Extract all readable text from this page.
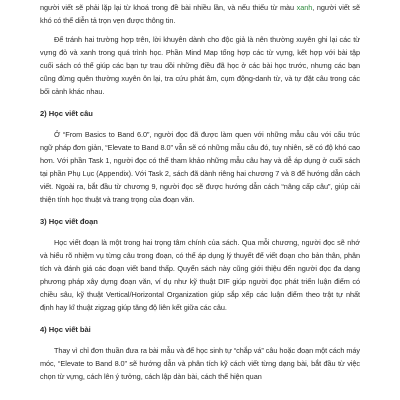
người viết sẽ phải lặp lại từ khoá trong đề bài nhiều lần, và nếu thiếu từ màu xanh, người viết sẽ khó có thể diễn tả trọn vẹn được thông tin.

Để tránh hai trường hợp trên, lời khuyên dành cho độc giả là nên thường xuyên ghi lại các từ vựng đỏ và xanh trong quá trình học. Phần Mind Map tổng hợp các từ vựng, kết hợp với bài tập cuối sách có thể giúp các bạn tự trau dồi những điều đã học ở các bài học trước, nhưng các bạn cũng đừng quên thường xuyên ôn lại, tra cứu phát âm, cụm động-danh từ, và tự đặt câu trong các bối cảnh khác nhau.

2) Học viết câu

Ở “From Basics to Band 6.0”, người đọc đã được làm quen với những mẫu câu với cấu trúc ngữ pháp đơn giản, “Elevate to Band 8.0” vẫn sẽ có những mẫu câu đó, tuy nhiên, sẽ có độ khó cao hơn. Với phần Task 1, người đọc có thể tham khảo những mẫu câu hay và dễ áp dụng ở cuối sách tại phần Phụ Lục (Appendix). Với Task 2, sách đã dành riêng hai chương 7 và 8 để hướng dẫn cách viết. Ngoài ra, bắt đầu từ chương 9, người đọc sẽ được hướng dẫn cách “nâng cấp câu”, giúp cải thiện tính học thuật và trang trọng của đoạn văn.

3) Học viết đoạn

Học viết đoạn là một trong hai trọng tâm chính của sách. Qua mỗi chương, người đọc sẽ nhớ và hiểu rõ nhiệm vụ từng câu trong đoạn, có thể áp dụng lý thuyết để viết đoạn cho bản thân, phân tích và đánh giá các đoạn viết band thấp. Quyển sách này cũng giới thiệu đến người đọc đa dạng phương pháp xây dựng đoạn văn, ví dụ như kỹ thuật DIF giúp người đọc phát triển luận điểm có chiều sâu, kỹ thuật Vertical/Horizontal Organization giúp sắp xếp các luận điểm theo trật tự nhất định hay kĩ thuật zigzag giúp tăng độ liên kết giữa các câu.

4) Học viết bài

Thay vì chỉ đơn thuần đưa ra bài mẫu và để học sinh tự “chắp vá” câu hoặc đoạn một cách máy móc, “Elevate to Band 8.0” sẽ hướng dẫn và phân tích kỹ cách viết từng dạng bài, bắt đầu từ việc chọn từ vựng, cách lên ý tưởng, cách lập dàn bài, cách thể hiện quan
